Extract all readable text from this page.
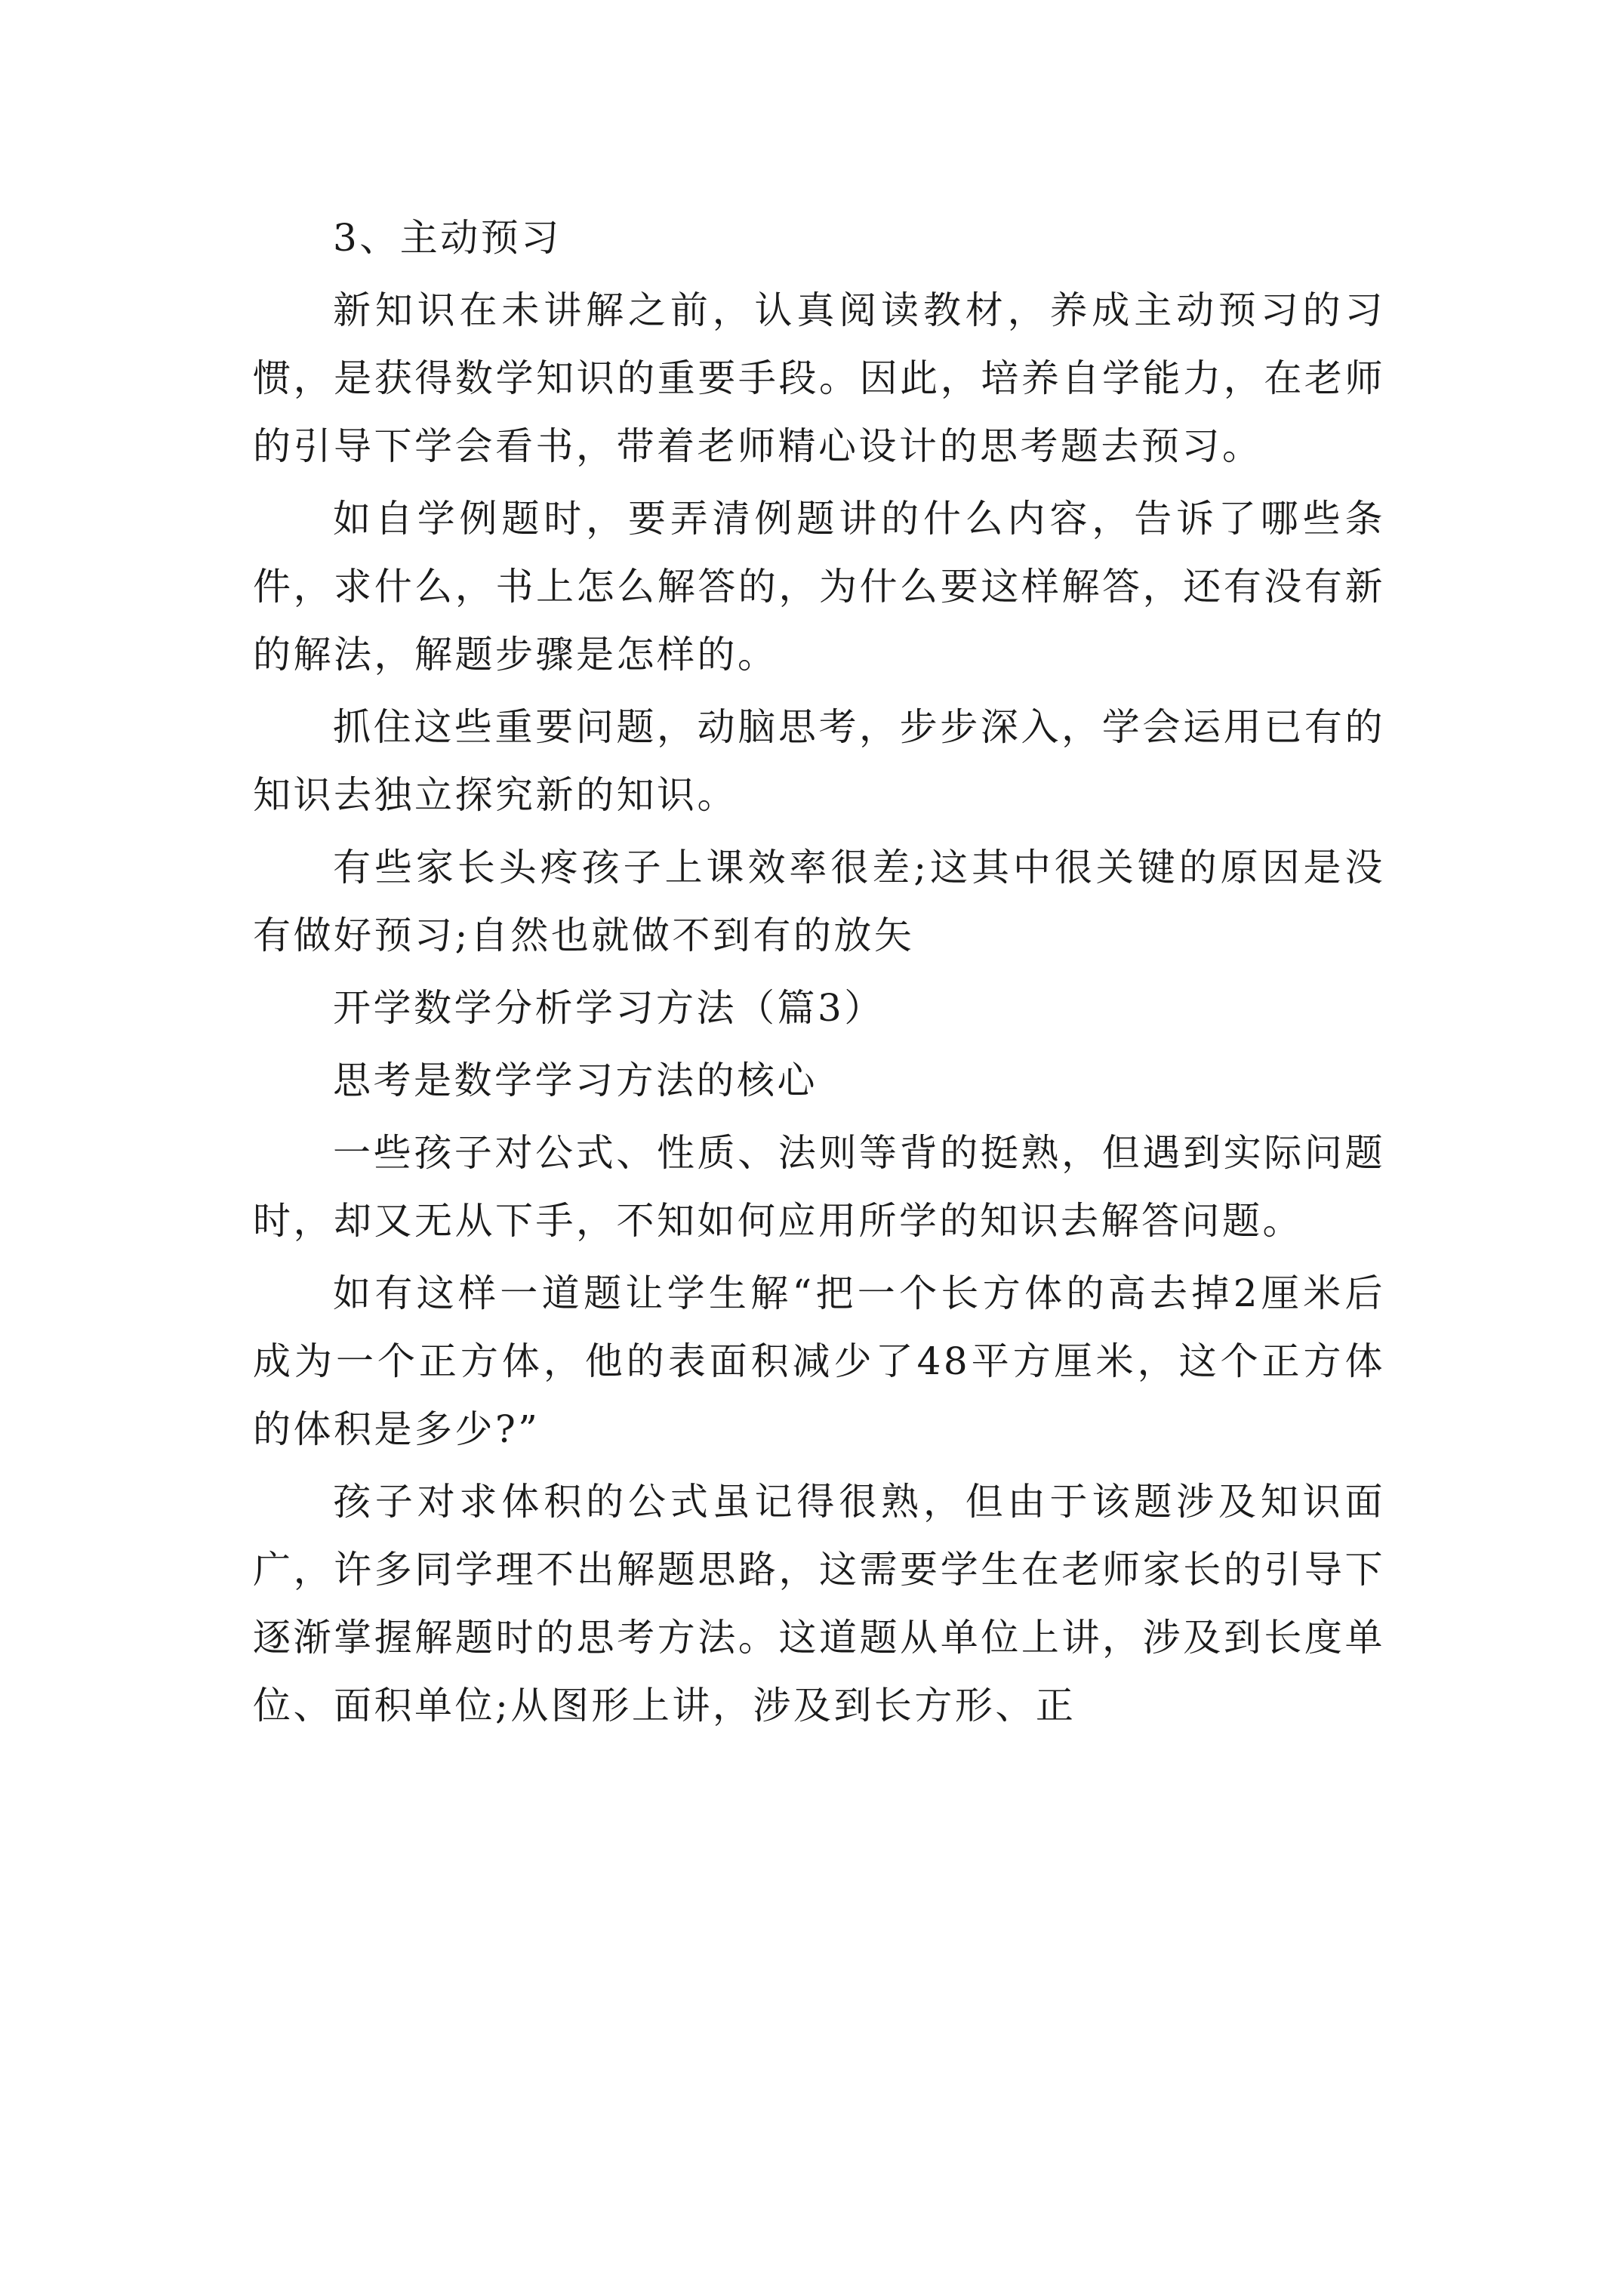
3、主动预习

新知识在未讲解之前，认真阅读教材，养成主动预习的习惯，是获得数学知识的重要手段。因此，培养自学能力，在老师的引导下学会看书，带着老师精心设计的思考题去预习。

如自学例题时，要弄清例题讲的什么内容，告诉了哪些条件，求什么，书上怎么解答的，为什么要这样解答，还有没有新的解法，解题步骤是怎样的。

抓住这些重要问题，动脑思考，步步深入，学会运用已有的知识去独立探究新的知识。

有些家长头疼孩子上课效率很差;这其中很关键的原因是没有做好预习;自然也就做不到有的放矢

开学数学分析学习方法（篇3）

思考是数学学习方法的核心

一些孩子对公式、性质、法则等背的挺熟，但遇到实际问题时，却又无从下手，不知如何应用所学的知识去解答问题。

如有这样一道题让学生解“把一个长方体的高去掉2厘米后成为一个正方体，他的表面积减少了48平方厘米，这个正方体的体积是多少?”

孩子对求体积的公式虽记得很熟，但由于该题涉及知识面广，许多同学理不出解题思路，这需要学生在老师家长的引导下逐渐掌握解题时的思考方法。这道题从单位上讲，涉及到长度单位、面积单位;从图形上讲，涉及到长方形、正
